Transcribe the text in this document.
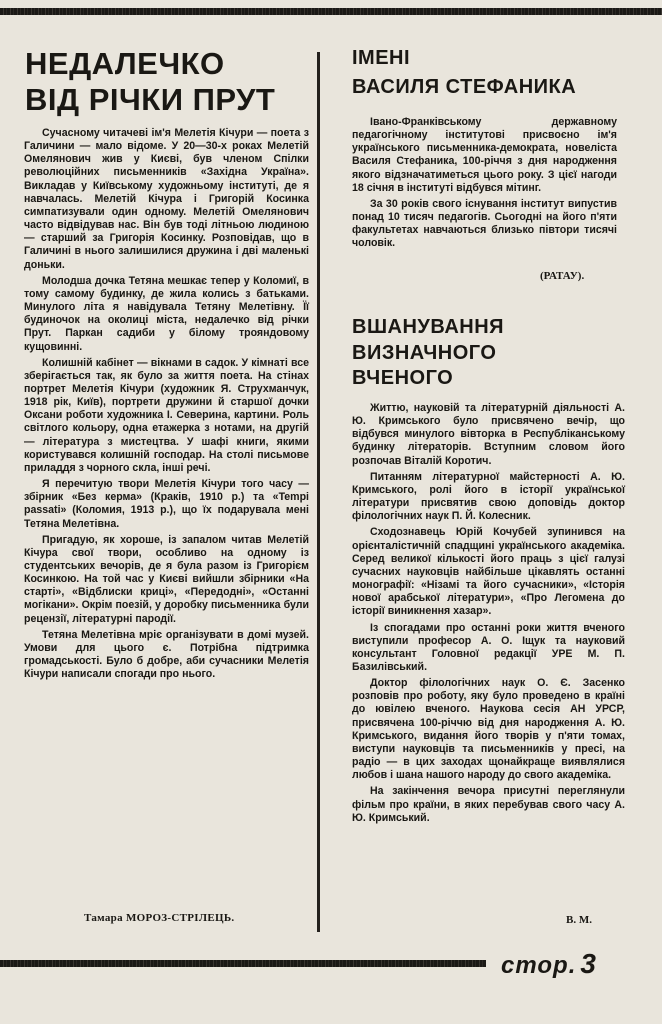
НЕДАЛЕЧКО
ВІД РІЧКИ ПРУТ

Сучасному читачеві ім'я Мелетія Кічури — поета з Галичини — мало відоме. У 20—30-х роках Мелетій Омелянович жив у Києві, був членом Спілки революційних письменників «Західна Україна». Викладав у Київському художньому інституті, де я навчалась. Мелетій Кічура і Григорій Косинка симпатизували один одному. Мелетій Омелянович часто відвідував нас. Він був тоді літньою людиною — старший за Григорія Косинку. Розповідав, що в Галичині в нього залишилися дружина і дві маленькі доньки.

Молодша дочка Тетяна мешкає тепер у Коломиї, в тому самому будинку, де жила колись з батьками. Минулого літа я навідувала Тетяну Мелетівну. Її будиночок на околиці міста, недалечко від річки Прут. Паркан садиби у білому трояндовому кущовинні.

Колишній кабінет — вікнами в садок. У кімнаті все зберігається так, як було за життя поета. На стінах портрет Мелетія Кічури (художник Я. Струхманчук, 1918 рік, Київ), портрети дружини й старшої дочки Оксани роботи художника І. Северина, картини. Роль світлого кольору, одна етажерка з нотами, на другій — література з мистецтва. У шафі книги, якими користувався колишній господар. На столі письмове приладдя з чорного скла, інші речі.

Я перечитую твори Мелетія Кічури того часу — збірник «Без керма» (Краків, 1910 р.) та «Tempi passati» (Коломия, 1913 р.), що їх подарувала мені Тетяна Мелетівна.

Пригадую, як хороше, із запалом читав Мелетій Кічура свої твори, особливо на одному із студентських вечорів, де я була разом із Григорієм Косинкою. На той час у Києві вийшли збірники «На старті», «Відблиски криці», «Передодні», «Останні могікани». Окрім поезій, у доробку письменника були рецензії, літературні пародії.

Тетяна Мелетівна мріє організувати в домі музей. Умови для цього є. Потрібна підтримка громадськості. Було б добре, аби сучасники Мелетія Кічури написали спогади про нього.

Тамара МОРОЗ-СТРІЛЕЦЬ.
ІМЕНІ
ВАСИЛЯ СТЕФАНИКА

Івано-Франківському державному педагогічному інститутові присвоєно ім'я українського письменника-демократа, новеліста Василя Стефаника, 100-річчя з дня народження якого відзначатиметься цього року. З цієї нагоди 18 січня в інституті відбувся мітинг.

За 30 років свого існування інститут випустив понад 10 тисяч педагогів. Сьогодні на його п'яти факультетах навчаються близько півтори тисячі чоловік.

(РАТАУ).
ВШАНУВАННЯ
ВИЗНАЧНОГО
ВЧЕНОГО

Життю, науковій та літературній діяльності А. Ю. Кримського було присвячено вечір, що відбувся минулого вівторка в Республіканському будинку літераторів. Вступним словом його розпочав Віталій Коротич.

Питанням літературної майстерності А. Ю. Кримського, ролі його в історії української літератури присвятив свою доповідь доктор філологічних наук П. Й. Колесник.

Сходознавець Юрій Кочубей зупинився на орієнталістичній спадщині українського академіка. Серед великої кількості його праць з цієї галузі сучасних науковців найбільше цікавлять останні монографії: «Нізамі та його сучасники», «Історія нової арабської літератури», «Про Легомена до історії виникнення хазар».

Із спогадами про останні роки життя вченого виступили професор А. О. Іщук та науковий консультант Головної редакції УРЕ М. П. Базилівський.

Доктор філологічних наук О. Є. Засенко розповів про роботу, яку було проведено в країні до ювілею вченого. Наукова сесія АН УРСР, присвячена 100-річчю від дня народження А. Ю. Кримського, видання його творів у п'яти томах, виступи науковців та письменників у пресі, на радіо — в цих заходах щонайкраще виявлялися любов і шана нашого народу до свого академіка.

На закінчення вечора присутні переглянули фільм про країни, в яких перебував свого часу А. Ю. Кримський.

В. М.
стор. 3
